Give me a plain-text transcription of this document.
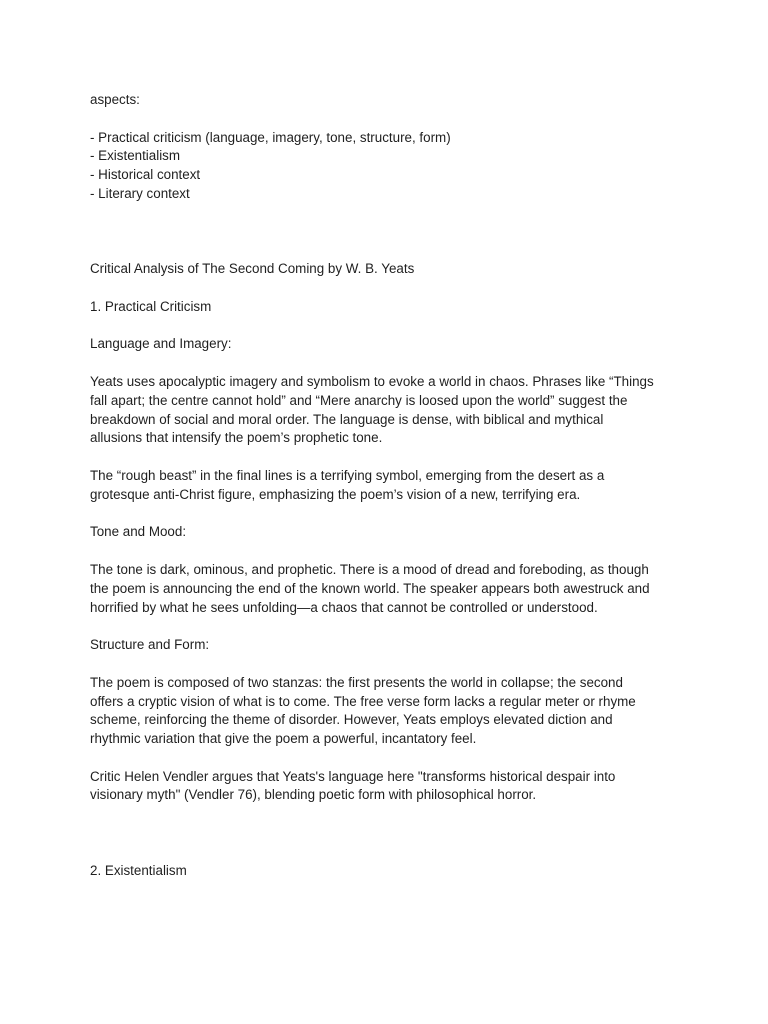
aspects:

- Practical criticism (language, imagery, tone, structure, form)
- Existentialism
- Historical context
- Literary context

Critical Analysis of The Second Coming by W. B. Yeats

1. Practical Criticism

Language and Imagery:

Yeats uses apocalyptic imagery and symbolism to evoke a world in chaos. Phrases like “Things
fall apart; the centre cannot hold” and “Mere anarchy is loosed upon the world” suggest the
breakdown of social and moral order. The language is dense, with biblical and mythical
allusions that intensify the poem’s prophetic tone.

The “rough beast” in the final lines is a terrifying symbol, emerging from the desert as a
grotesque anti-Christ figure, emphasizing the poem’s vision of a new, terrifying era.

Tone and Mood:

The tone is dark, ominous, and prophetic. There is a mood of dread and foreboding, as though
the poem is announcing the end of the known world. The speaker appears both awestruck and
horrified by what he sees unfolding—a chaos that cannot be controlled or understood.

Structure and Form:

The poem is composed of two stanzas: the first presents the world in collapse; the second
offers a cryptic vision of what is to come. The free verse form lacks a regular meter or rhyme
scheme, reinforcing the theme of disorder. However, Yeats employs elevated diction and
rhythmic variation that give the poem a powerful, incantatory feel.

Critic Helen Vendler argues that Yeats's language here "transforms historical despair into
visionary myth" (Vendler 76), blending poetic form with philosophical horror.

2. Existentialism
